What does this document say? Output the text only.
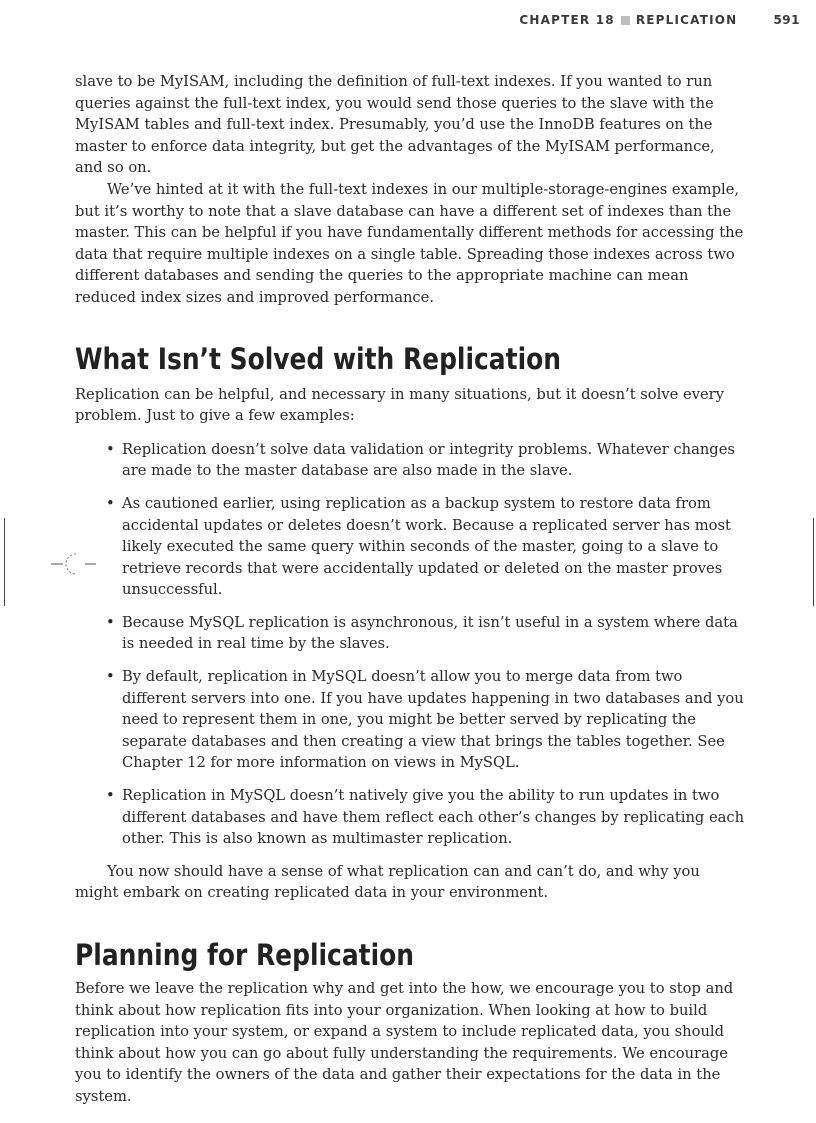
CHAPTER 18 REPLICATION	591

slave to be MyISAM, including the definition of full-text indexes. If you wanted to run queries against the full-text index, you would send those queries to the slave with the MyISAM tables and full-text index. Presumably, you’d use the InnoDB features on the master to enforce data integrity, but get the advantages of the MyISAM performance, and so on.

We’ve hinted at it with the full-text indexes in our multiple-storage-engines example, but it’s worthy to note that a slave database can have a different set of indexes than the master. This can be helpful if you have fundamentally different methods for accessing the data that require multiple indexes on a single table. Spreading those indexes across two different databases and sending the queries to the appropriate machine can mean reduced index sizes and improved performance.

What Isn’t Solved with Replication

Replication can be helpful, and necessary in many situations, but it doesn’t solve every problem. Just to give a few examples:

• Replication doesn’t solve data validation or integrity problems. Whatever changes are made to the master database are also made in the slave.
• As cautioned earlier, using replication as a backup system to restore data from accidental updates or deletes doesn’t work. Because a replicated server has most likely executed the same query within seconds of the master, going to a slave to retrieve records that were accidentally updated or deleted on the master proves unsuccessful.
• Because MySQL replication is asynchronous, it isn’t useful in a system where data is needed in real time by the slaves.
• By default, replication in MySQL doesn’t allow you to merge data from two different servers into one. If you have updates happening in two databases and you need to represent them in one, you might be better served by replicating the separate databases and then creating a view that brings the tables together. See Chapter 12 for more information on views in MySQL.
• Replication in MySQL doesn’t natively give you the ability to run updates in two different databases and have them reflect each other’s changes by replicating each other. This is also known as multimaster replication.

You now should have a sense of what replication can and can’t do, and why you might embark on creating replicated data in your environment.

Planning for Replication

Before we leave the replication why and get into the how, we encourage you to stop and think about how replication fits into your organization. When looking at how to build replication into your system, or expand a system to include replicated data, you should think about how you can go about fully understanding the requirements. We encourage you to identify the owners of the data and gather their expectations for the data in the system.
